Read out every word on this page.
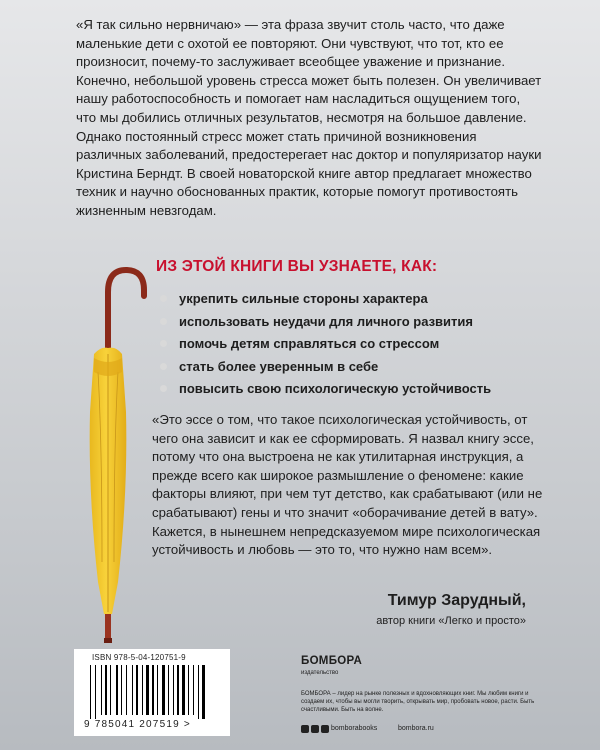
«Я так сильно нервничаю» — эта фраза звучит столь часто, что даже маленькие дети с охотой ее повторяют. Они чувствуют, что тот, кто ее произносит, почему-то заслуживает всеобщее уважение и признание. Конечно, небольшой уровень стресса может быть полезен. Он увеличивает нашу работоспособность и помогает нам насладиться ощущением того, что мы добились отличных результатов, несмотря на большое давление. Однако постоянный стресс может стать причиной возникновения различных заболеваний, предостерегает нас доктор и популяризатор науки Кристина Берндт. В своей новаторской книге автор предлагает множество техник и научно обоснованных практик, которые помогут противостоять жизненным невзгодам.

ИЗ ЭТОЙ КНИГИ ВЫ УЗНАЕТЕ, КАК:
укрепить сильные стороны характера
использовать неудачи для личного развития
помочь детям справляться со стрессом
стать более уверенным в себе
повысить свою психологическую устойчивость

«Это эссе о том, что такое психологическая устойчивость, от чего она зависит и как ее сформировать. Я назвал книгу эссе, потому что она выстроена не как утилитарная инструкция, а прежде всего как широкое размышление о феномене: какие факторы влияют, при чем тут детство, как срабатывают (или не срабатывают) гены и что значит «оборачивание детей в вату». Кажется, в нынешнем непредсказуемом мире психологическая устойчивость и любовь — это то, что нужно нам всем».

Тимур Зарудный,

автор книги «Легко и просто»

ISBN 978-5-04-120751-9
9 785041 207519 >

БОМБОРА

издательство

БОМБОРА – лидер на рынке полезных и вдохновляющих книг. Мы любим книги и создаем их, чтобы вы могли творить, открывать мир, пробовать новое, расти. Быть счастливыми. Быть на волне.

bomborabooks	bombora.ru
